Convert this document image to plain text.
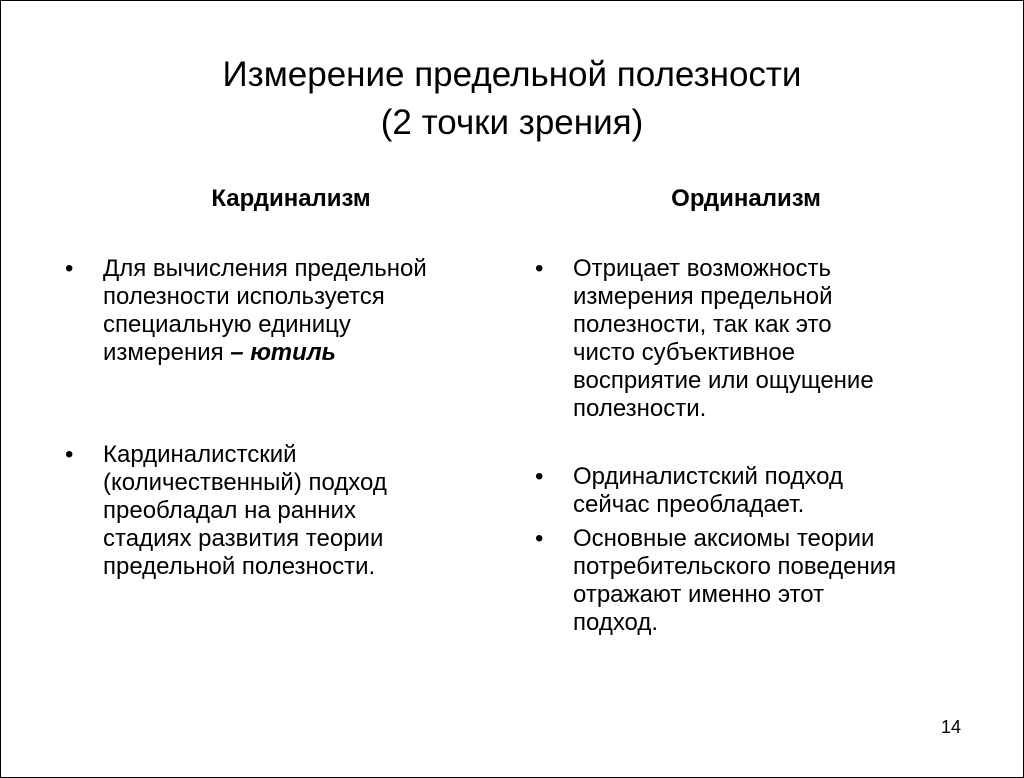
Измерение предельной полезности
(2 точки зрения)
Кардинализм	Ординализм
• Для вычисления предельной
полезности используется
специальную единицу
измерения – ютиль
• Кардиналистский
(количественный) подход
преобладал на ранних
стадиях развития теории
предельной полезности.
• Отрицает возможность
измерения предельной
полезности, так как это
чисто субъективное
восприятие или ощущение
полезности.
• Ординалистский подход
сейчас преобладает.
• Основные аксиомы теории
потребительского поведения
отражают именно этот
подход.
14
